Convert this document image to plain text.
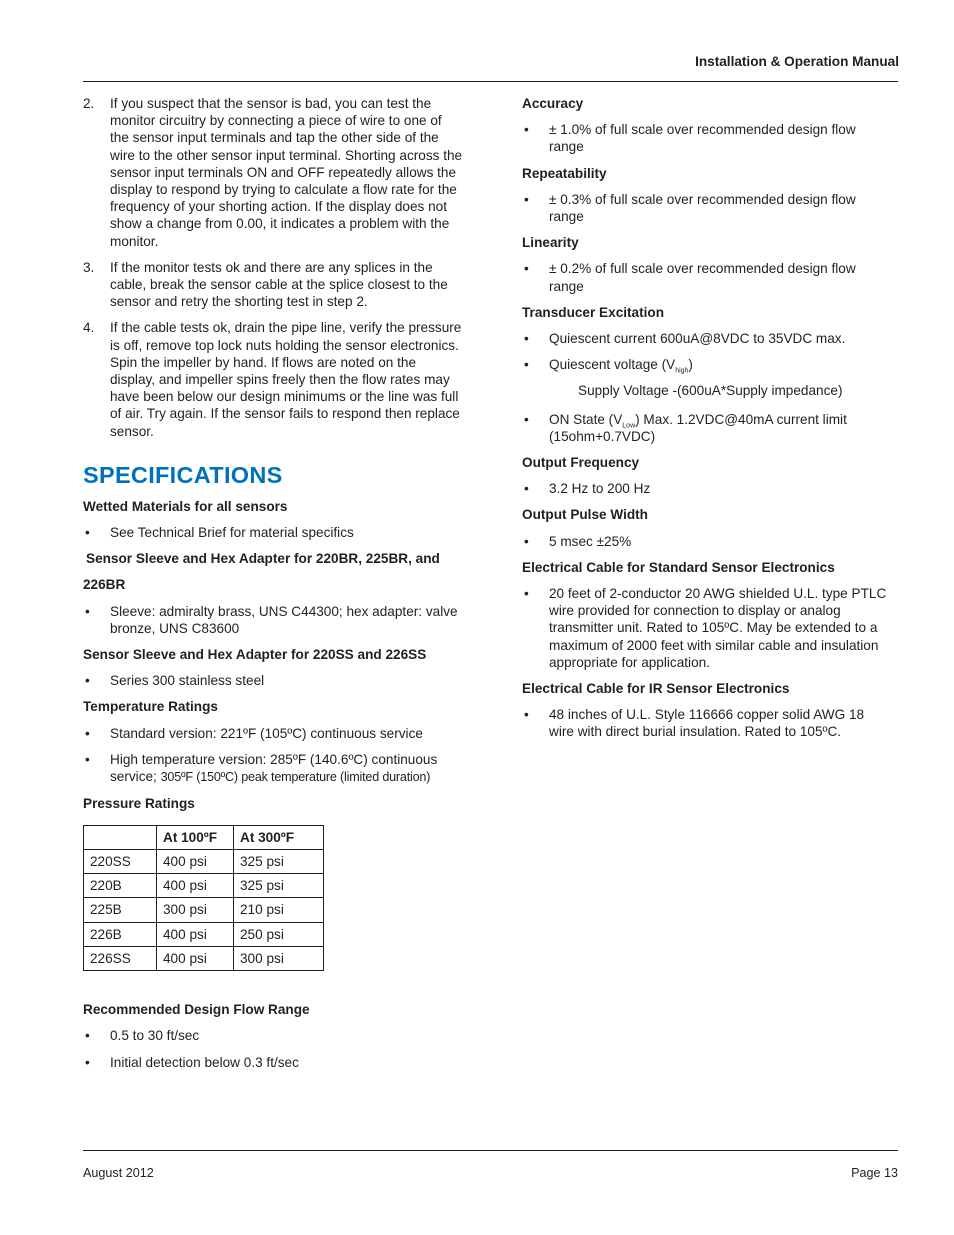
Installation & Operation Manual
2. If you suspect that the sensor is bad, you can test the monitor circuitry by connecting a piece of wire to one of the sensor input terminals and tap the other side of the wire to the other sensor input terminal. Shorting across the sensor input terminals ON and OFF repeatedly allows the display to respond by trying to calculate a flow rate for the frequency of your shorting action. If the display does not show a change from 0.00, it indicates a problem with the monitor.
3. If the monitor tests ok and there are any splices in the cable, break the sensor cable at the splice closest to the sensor and retry the shorting test in step 2.
4. If the cable tests ok, drain the pipe line, verify the pressure is off, remove top lock nuts holding the sensor electronics. Spin the impeller by hand. If flows are noted on the display, and impeller spins freely then the flow rates may have been below our design minimums or the line was full of air. Try again. If the sensor fails to respond then replace sensor.
SPECIFICATIONS
Wetted Materials for all sensors
• See Technical Brief for material specifics
Sensor Sleeve and Hex Adapter for 220BR, 225BR, and
226BR
• Sleeve: admiralty brass, UNS C44300; hex adapter: valve bronze, UNS C83600
Sensor Sleeve and Hex Adapter for 220SS and 226SS
• Series 300 stainless steel
Temperature Ratings
• Standard version: 221ºF (105ºC) continuous service
• High temperature version: 285ºF (140.6ºC) continuous service; 305ºF (150ºC) peak temperature (limited duration)
Pressure Ratings
	At 100ºF	At 300ºF
220SS	400 psi	325 psi
220B	400 psi	325 psi
225B	300 psi	210 psi
226B	400 psi	250 psi
226SS	400 psi	300 psi
Recommended Design Flow Range
• 0.5 to 30 ft/sec
• Initial detection below 0.3 ft/sec
Accuracy
• ± 1.0% of full scale over recommended design flow range
Repeatability
• ± 0.3% of full scale over recommended design flow range
Linearity
• ± 0.2% of full scale over recommended design flow range
Transducer Excitation
• Quiescent current 600uA@8VDC to 35VDC max.
• Quiescent voltage $(V_{high})$
Supply Voltage -(600uA*Supply impedance)
• ON State $(V_{Low})$ Max. 1.2VDC@40mA current limit (15ohm+0.7VDC)
Output Frequency
• 3.2 Hz to 200 Hz
Output Pulse Width
• 5 msec ±25%
Electrical Cable for Standard Sensor Electronics
• 20 feet of 2-conductor 20 AWG shielded U.L. type PTLC wire provided for connection to display or analog transmitter unit. Rated to 105ºC. May be extended to a maximum of 2000 feet with similar cable and insulation appropriate for application.
Electrical Cable for IR Sensor Electronics
• 48 inches of U.L. Style 116666 copper solid AWG 18 wire with direct burial insulation. Rated to 105ºC.
August 2012	Page 13
